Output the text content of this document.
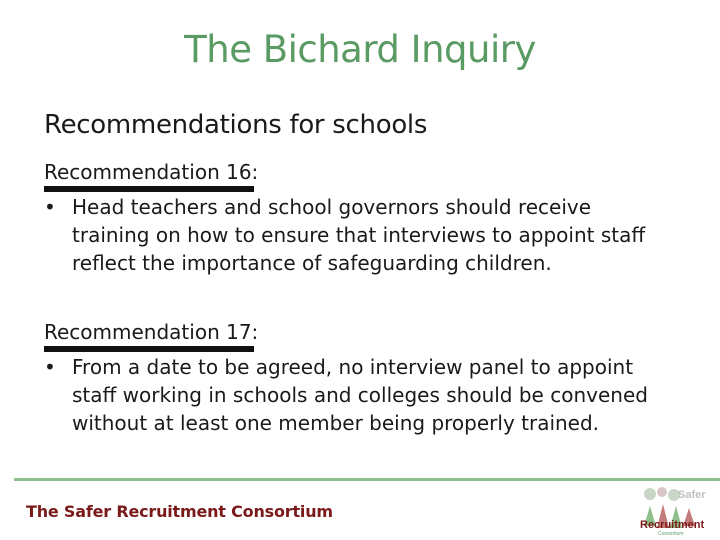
The Bichard Inquiry
Recommendations for schools
Recommendation 16:
• Head teachers and school governors should receive training on how to ensure that interviews to appoint staff reflect the importance of safeguarding children.
Recommendation 17:
• From a date to be agreed, no interview panel to appoint staff working in schools and colleges should be convened without at least one member being properly trained.
The Safer Recruitment Consortium
Safer
Recruitment
Consortium
